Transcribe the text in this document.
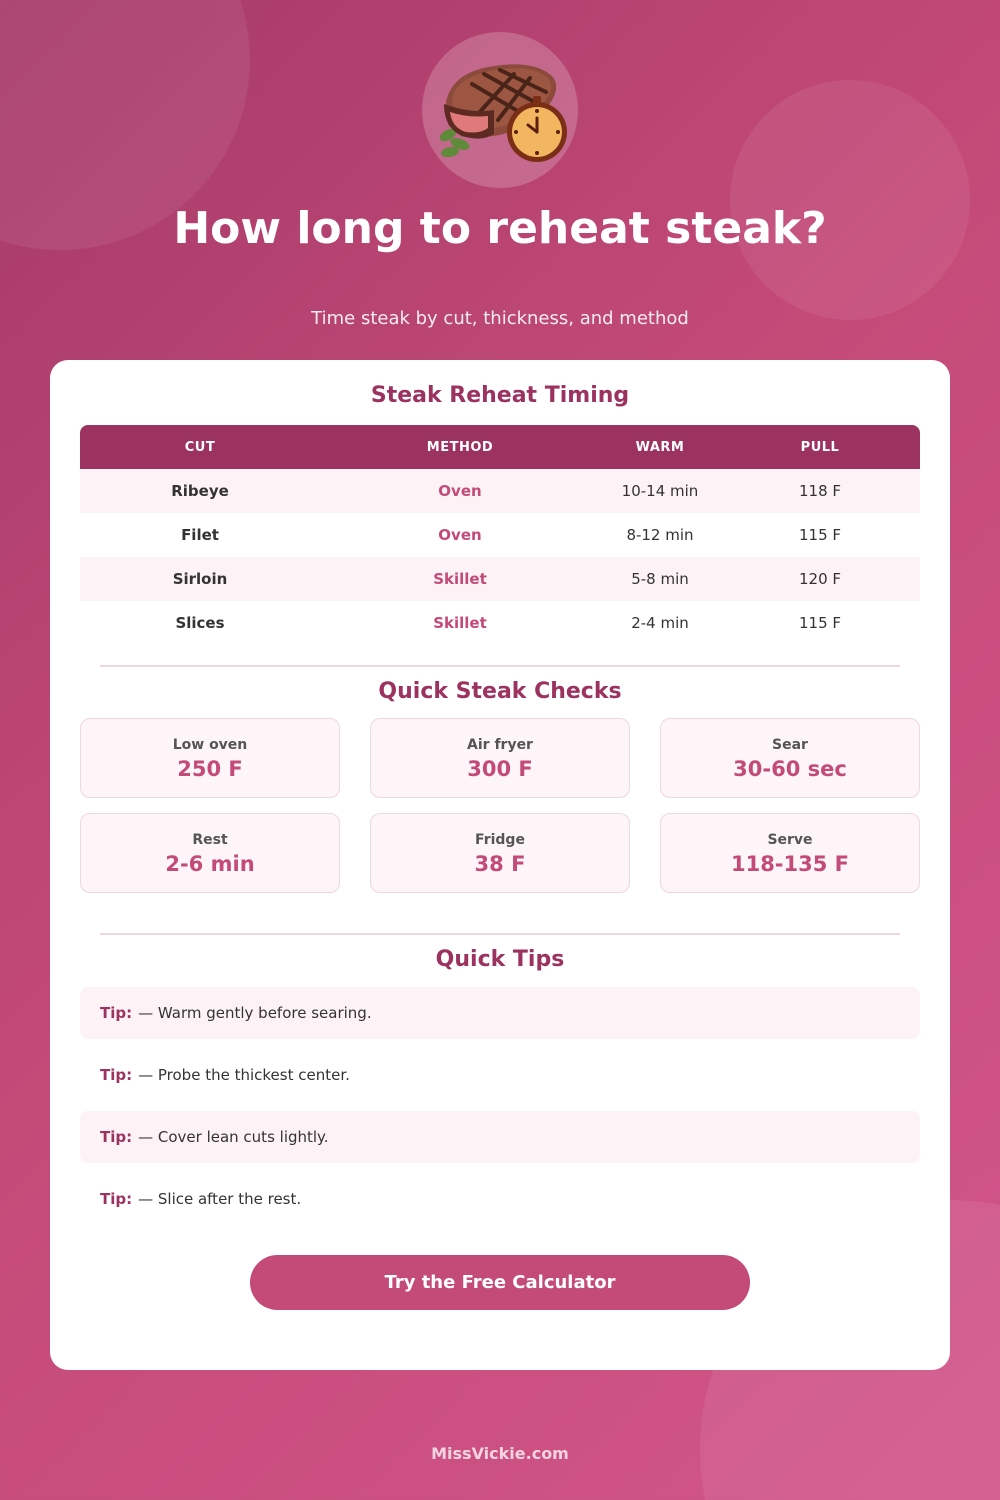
How long to reheat steak?
Time steak by cut, thickness, and method
Steak Reheat Timing
CUT	METHOD	WARM	PULL
Ribeye	Oven	10-14 min	118 F
Filet	Oven	8-12 min	115 F
Sirloin	Skillet	5-8 min	120 F
Slices	Skillet	2-4 min	115 F
Quick Steak Checks
Low oven
250 F
Air fryer
300 F
Sear
30-60 sec
Rest
2-6 min
Fridge
38 F
Serve
118-135 F
Quick Tips
Tip: — Warm gently before searing.
Tip: — Probe the thickest center.
Tip: — Cover lean cuts lightly.
Tip: — Slice after the rest.
Try the Free Calculator
MissVickie.com
